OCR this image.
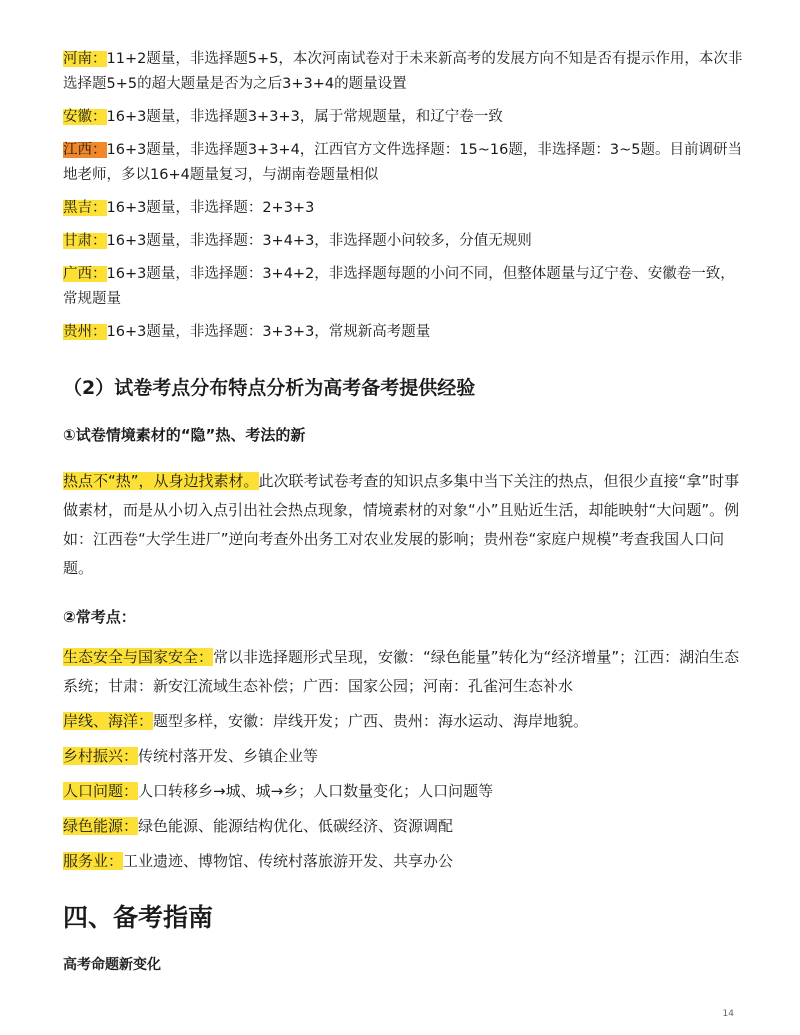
河南：11+2题量，非选择题5+5，本次河南试卷对于未来新高考的发展方向不知是否有提示作用，本次非选择题5+5的超大题量是否为之后3+3+4的题量设置

安徽：16+3题量，非选择题3+3+3，属于常规题量，和辽宁卷一致

江西：16+3题量，非选择题3+3+4，江西官方文件选择题：15~16题，非选择题：3~5题。目前调研当地老师，多以16+4题量复习，与湖南卷题量相似

黑吉：16+3题量，非选择题：2+3+3

甘肃：16+3题量，非选择题：3+4+3，非选择题小问较多，分值无规则

广西：16+3题量，非选择题：3+4+2，非选择题每题的小问不同，但整体题量与辽宁卷、安徽卷一致，常规题量

贵州：16+3题量，非选择题：3+3+3，常规新高考题量

（2）试卷考点分布特点分析为高考备考提供经验
①试卷情境素材的“隐”热、考法的新

热点不“热”，从身边找素材。此次联考试卷考查的知识点多集中当下关注的热点，但很少直接“拿”时事做素材，而是从小切入点引出社会热点现象，情境素材的对象“小”且贴近生活，却能映射“大问题”。例如：江西卷“大学生进厂”逆向考查外出务工对农业发展的影响；贵州卷“家庭户规模”考查我国人口问题。

②常考点：

生态安全与国家安全：常以非选择题形式呈现，安徽：“绿色能量”转化为“经济增量”；江西：湖泊生态系统；甘肃：新安江流域生态补偿；广西：国家公园；河南：孔雀河生态补水

岸线、海洋：题型多样，安徽：岸线开发；广西、贵州：海水运动、海岸地貌。

乡村振兴：传统村落开发、乡镇企业等

人口问题：人口转移乡→城、城→乡；人口数量变化；人口问题等

绿色能源：绿色能源、能源结构优化、低碳经济、资源调配

服务业：工业遗迹、博物馆、传统村落旅游开发、共享办公

四、备考指南

高考命题新变化

14
